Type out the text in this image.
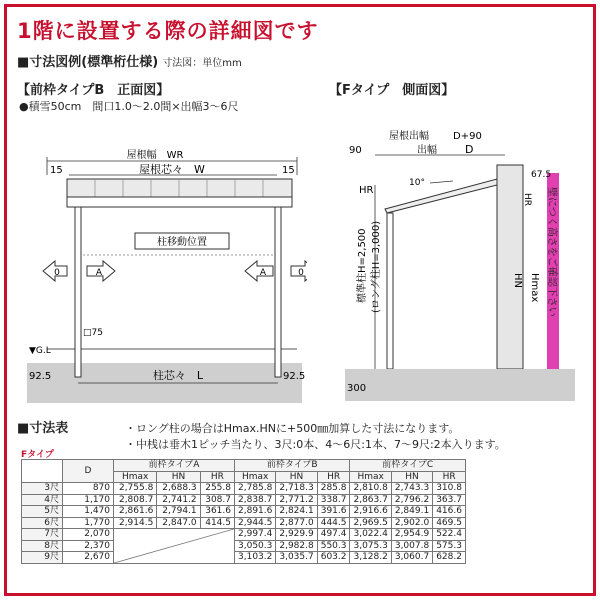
1階に設置する際の詳細図です
■寸法図例(標準桁仕様) 寸法図：単位mm
【前枠タイプB　正面図】
●積雪50cm　間口1.0〜2.0間×出幅3〜6尺
【Fタイプ　側面図】
屋根幅　WR
屋根芯々　W
15	15
柱移動位置
0	A	A	0
□75
▼G.L
柱芯々　L
92.5	92.5
屋根出幅 D+90
90	出幅	D
10°
67.5
HR
HR
標準柱H=2,500 (ロング柱H=3,000)	HN Hmax 壁につく高さをご確認下さい
300
■寸法表	・ロング柱の場合はHmax.HNに+500㎜加算した寸法になります。
・中桟は垂木1ピッチ当たり、3尺:0本、4〜6尺:1本、7〜9尺:2本入ります。
Fタイプ
	D	前枠タイプA			前枠タイプB			前枠タイプC		
		Hmax	HN	HR	Hmax	HN	HR	Hmax	HN	HR
3尺	870	2,755.8	2,688.3	255.8	2,785.8	2,718.3	285.8	2,810.8	2,743.3	310.8
4尺	1,170	2,808.7	2,741.2	308.7	2,838.7	2,771.2	338.7	2,863.7	2,796.2	363.7
5尺	1,470	2,861.6	2,794.1	361.6	2,891.6	2,824.1	391.6	2,916.6	2,849.1	416.6
6尺	1,770	2,914.5	2,847.0	414.5	2,944.5	2,877.0	444.5	2,969.5	2,902.0	469.5
7尺	2,070				2,997.4	2,929.9	497.4	3,022.4	2,954.9	522.4
8尺	2,370				3,050.3	2,982.8	550.3	3,075.3	3,007.8	575.3
9尺	2,670				3,103.2	3,035.7	603.2	3,128.2	3,060.7	628.2
